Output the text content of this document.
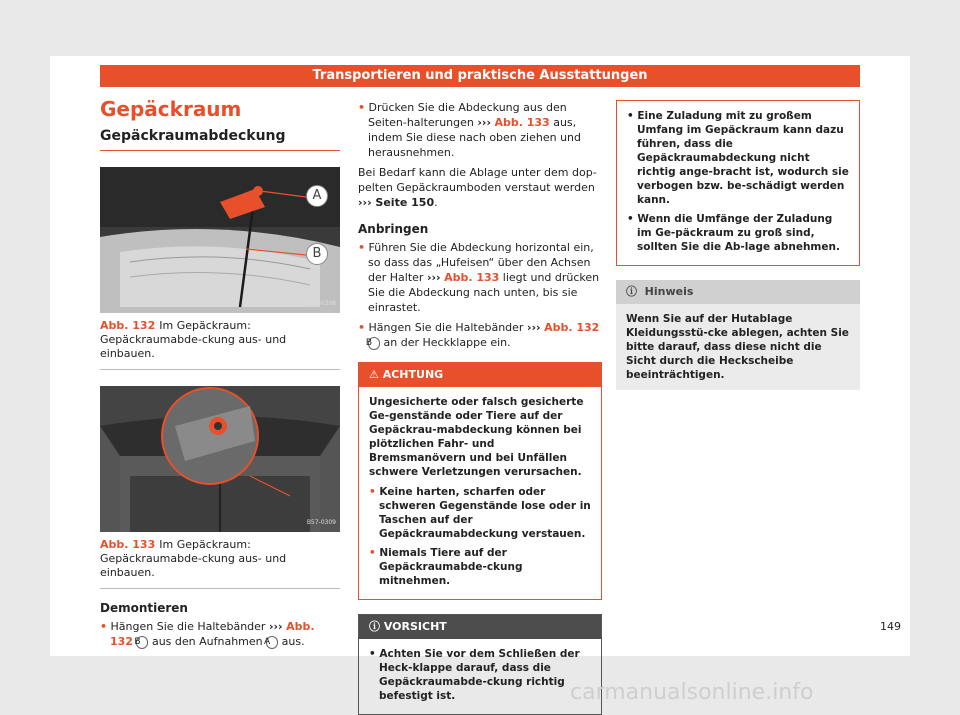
Transportieren und praktische Ausstattungen
Gepäckraum
Gepäckraumabdeckung
A
B
B57-0308
Abb. 132 Im Gepäckraum: Gepäckraumabde-ckung aus- und einbauen.
B57-0309
Abb. 133 Im Gepäckraum: Gepäckraumabde-ckung aus- und einbauen.
Demontieren
• Hängen Sie die Haltebänder ››› Abb. 132 B aus den Aufnahmen A aus.
• Drücken Sie die Abdeckung aus den Seiten-halterungen ››› Abb. 133 aus, indem Sie diese nach oben ziehen und herausnehmen.

Bei Bedarf kann die Ablage unter dem dop-pelten Gepäckraumboden verstaut werden ››› Seite 150.

Anbringen
• Führen Sie die Abdeckung horizontal ein, so dass das „Hufeisen“ über den Achsen der Halter ››› Abb. 133 liegt und drücken Sie die Abdeckung nach unten, bis sie einrastet.
• Hängen Sie die Haltebänder ››› Abb. 132 B an der Heckklappe ein.
⚠ ACHTUNG
Ungesicherte oder falsch gesicherte Ge-genstände oder Tiere auf der Gepäckrau-mabdeckung können bei plötzlichen Fahr- und Bremsmanövern und bei Unfällen schwere Verletzungen verursachen.
• Keine harten, scharfen oder schweren Gegenstände lose oder in Taschen auf der Gepäckraumabdeckung verstauen.
• Niemals Tiere auf der Gepäckraumabde-ckung mitnehmen.
ⓘ VORSICHT
• Achten Sie vor dem Schließen der Heck-klappe darauf, dass die Gepäckraumabde-ckung richtig befestigt ist.
• Eine Zuladung mit zu großem Umfang im Gepäckraum kann dazu führen, dass die Gepäckraumabdeckung nicht richtig ange-bracht ist, wodurch sie verbogen bzw. be-schädigt werden kann.
• Wenn die Umfänge der Zuladung im Ge-päckraum zu groß sind, sollten Sie die Ab-lage abnehmen.
ⓘ Hinweis
Wenn Sie auf der Hutablage Kleidungsstü-cke ablegen, achten Sie bitte darauf, dass diese nicht die Sicht durch die Heckscheibe beeinträchtigen.
149
carmanualsonline.info
